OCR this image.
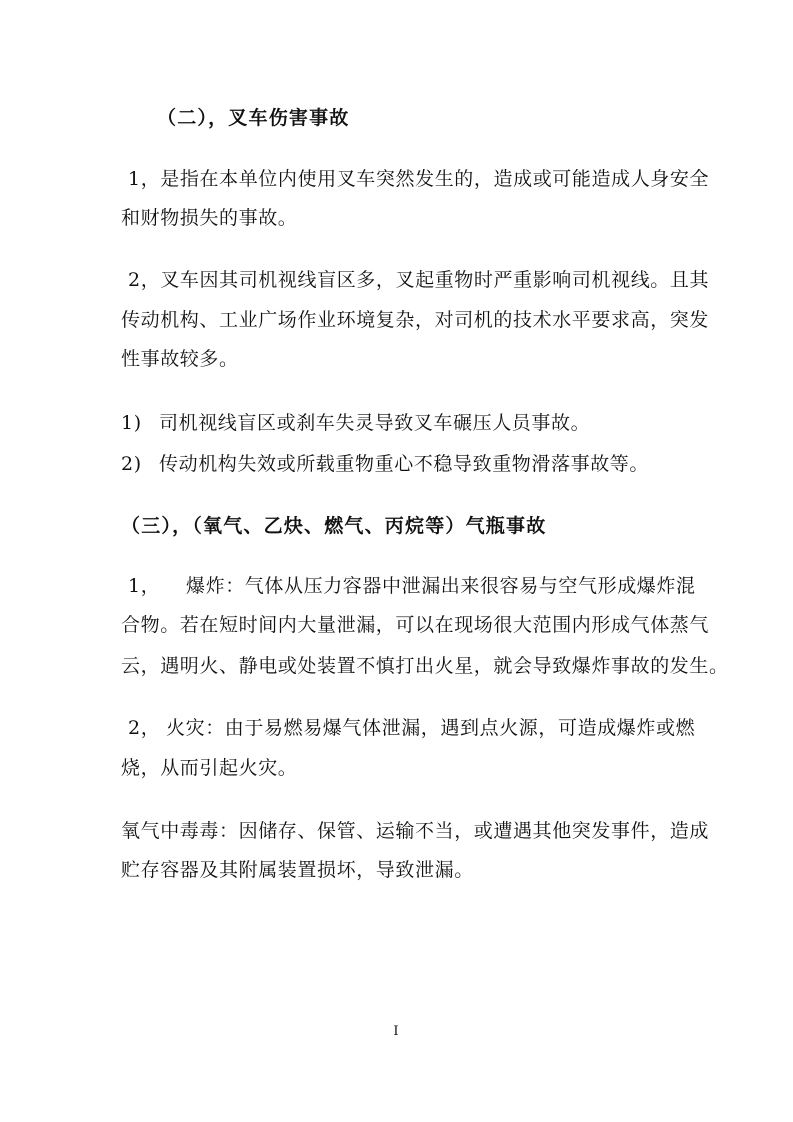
（二），叉车伤害事故
1，是指在本单位内使用叉车突然发生的，造成或可能造成人身安全
和财物损失的事故。
2，叉车因其司机视线盲区多，叉起重物时严重影响司机视线。且其
传动机构、工业广场作业环境复杂，对司机的技术水平要求高，突发
性事故较多。
1) 司机视线盲区或刹车失灵导致叉车碾压人员事故。
2) 传动机构失效或所载重物重心不稳导致重物滑落事故等。
（三），（氧气、乙炔、燃气、丙烷等）气瓶事故
1， 爆炸：气体从压力容器中泄漏出来很容易与空气形成爆炸混
合物。若在短时间内大量泄漏，可以在现场很大范围内形成气体蒸气
云，遇明火、静电或处装置不慎打出火星，就会导致爆炸事故的发生。
2， 火灾：由于易燃易爆气体泄漏，遇到点火源，可造成爆炸或燃
烧，从而引起火灾。
氧气中毒毒：因储存、保管、运输不当，或遭遇其他突发事件，造成
贮存容器及其附属装置损坏，导致泄漏。
I
